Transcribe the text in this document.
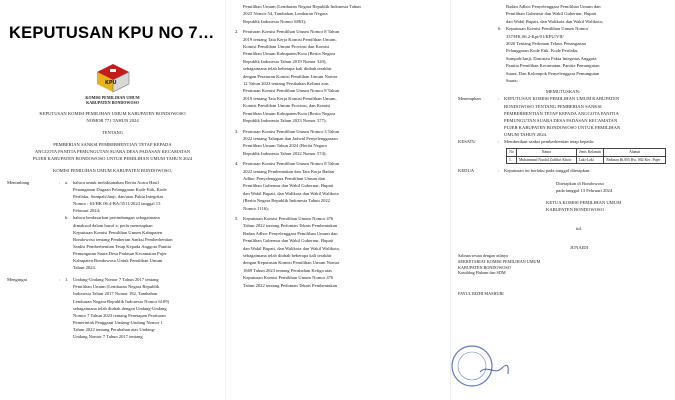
KEPUTUSAN KPU NO 7…
KPU
KOMISI PEMILIHAN UMUM
KABUPATEN BONDOWOSO
KEPUTUSAN KOMISI PEMILIHAN UMUM KABUPATEN BONDOWOSO
NOMOR 771 TAHUN 2024
TENTANG
PEMBERIAN SANKSI PEMBERHENTIAN TETAP KEPADA
ANGGOTA PANITIA PEMUNGUTAN SUARA DESA PADASAN KECAMATAN
PUJER KABUPATEN BONDOWOSO UNTUK PEMILIHAN UMUM TAHUN 2024
KOMISI PEMILIHAN UMUM KABUPATEN BONDOWOSO,
Menimbang	:	a.	bahwa untuk melaksanakan Berita Acara Hasil
Penanganan Dugaan Pelanggaran Kode Etik, Kode
Perilaku, Sumpah/Janji, dan/atau Pakta Integritas
Nomor : 63/HK.06.4-BA/3511/2024 tanggal 13
Februari 2024;
b. bahwa berdasarkan pertimbangan sebagaimana
dimaksud dalam huruf a, perlu menetapkan
Keputusan Komisi Pemilihan Umum Kabupaten
Bondowoso tentang Pemberian Sanksi Pemberhentian
Sanksi Pemberhentian Tetap Kepada Anggota Panitia
Pemungutan Suara Desa Padasan Kecamatan Pujer
Kabupaten Bondowoso Untuk Pemilihan Umum
Tahun 2024.
Mengingat	:	1. Undang-Undang Nomor 7 Tahun 2017 tentang
Pemilihan Umum (Lembaran Negara Republik
Indonesia Tahun 2017 Nomor 182, Tambahan
Lembaran Negara Republik Indonesia Nomor 6109)
sebagaimana telah diubah dengan Undang-Undang
Nomor 7 Tahun 2023 tentang Penetapan Peraturan
Pemerintah Pengganti Undang-Undang Nomor 1
Tahun 2022 tentang Perubahan atas Undang-
Undang Nomor 7 Tahun 2017 tentang
Pemilihan Umum (Lembaran Negara Republik Indonesia Tahun
2023 Nomor 54, Tambahan Lembaran Negara
Republik Indonesia Nomor 6863);
2. Peraturan Komisi Pemilihan Umum Nomor 8 Tahun
2019 tentang Tata Kerja Komisi Pemilihan Umum,
Komisi Pemilihan Umum Provinsi dan Komisi
Pemilihan Umum Kabupaten/Kota (Berita Negara
Republik Indonesia Tahun 2019 Nomor 320),
sebagaimana telah beberapa kali diubah terakhir
dengan Peraturan Komisi Pemilihan Umum Nomor
12 Tahun 2023 tentang Perubahan Kelima atas
Peraturan Komisi Pemilihan Umum Nomor 8 Tahun
2019 tentang Tata Kerja Komisi Pemilihan Umum,
Komisi Pemilihan Umum Provinsi, dan Komisi
Pemilihan Umum Kabupaten/Kota (Berita Negara
Republik Indonesia Tahun 2023 Nomor 377);
3. Peraturan Komisi Pemilihan Umum Nomor 3 Tahun
2022 tentang Tahapan dan Jadwal Penyelenggaraan
Pemilihan Umum Tahun 2024 (Berita Negara
Republik Indonesia Tahun 2022 Nomor 574);
4. Peraturan Komisi Pemilihan Umum Nomor 8 Tahun
2022 tentang Pembentukan dan Tata Kerja Badan
Adhoc Penyelenggara Pemilihan Umum dan
Pemilihan Gubernur dan Wakil Gubernur, Bupati
dan Wakil Bupati, dan Walikota dan Wakil Walikota
(Berita Negara Republik Indonesia Tahun 2022
Nomor 1116);
5. Keputusan Komisi Pemilihan Umum Nomor 476
Tahun 2022 tentang Pedoman Teknis Pembentukan
Badan Adhoc Penyelenggara Pemilihan Umum dan
Pemilihan Gubernur dan Wakil Gubernur, Bupati
dan Wakil Bupati, dan Walikota dan Wakil Walikota,
sebagaimana telah diubah beberapa kali terakhir
dengan Keputusan Komisi Pemilihan Umum Nomor
1669 Tahun 2023 tentang Perubahan Ketiga atas
Keputusan Komisi Pemilihan Umum Nomor 476
Tahun 2022 tentang Pedoman Teknis Pembentukan
Badan Adhoc Penyelenggara Pemilihan Umum dan
Pemilihan Gubernur dan Wakil Gubernur, Bupati
dan Wakil Bupati, dan Walikota dan Wakil Walikota;
6. Keputusan Komisi Pemilihan Umum Nomor
337/HK.06.2-Kpt/01/KPU/VII/
2020 Tentang Pedoman Teknis Penanganan
Pelanggaran Kode Etik, Kode Perilaku,
Sumpah/Janji, Dan/atau Pakta Integritas Anggota
Panitia Pemilihan Kecamatan, Panitia Pemungutan
Suara, Dan Kelompok Penyelenggara Pemungutan
Suara;
MEMUTUSKAN:
Menetapkan	:	KEPUTUSAN KOMISI PEMILIHAN UMUM KABUPATEN
BONDOWOSO TENTANG PEMBERIAN SANKSI
PEMBERHENTIAN TETAP KEPADA ANGGOTA PANITIA
PEMUNGUTAN SUARA DESA PADASAN KECAMATAN
PUJER KABUPATEN BONDOWOSO UNTUK PEMILIHAN
UMUM TAHUN 2024.
KESATU	:	Memberikan sanksi pemberhentian tetap kepada:
No	Nama	Jenis Kelamin	Alamat
1.	Muhammad Naufal Zulfikri Khoir	Laki-Laki	Padasan Rt.005 Rw. 002 Kec. Pujer
KEDUA	:	Keputusan ini berlaku pada tanggal ditetapkan.
Ditetapkan di Bondowoso
pada tanggal 13 Februari 2024
KETUA KOMISI PEMILIHAN UMUM
KABUPATEN BONDOWOSO
ttd.
JUNAIDI
Salinan sesuai dengan aslinya
SEKRETARIAT KOMISI PEMILIHAN UMUM
KABUPATEN BONDOWOSO
Kasubbag Hukum dan SDM
FAYUL RIZHI MASHURI
